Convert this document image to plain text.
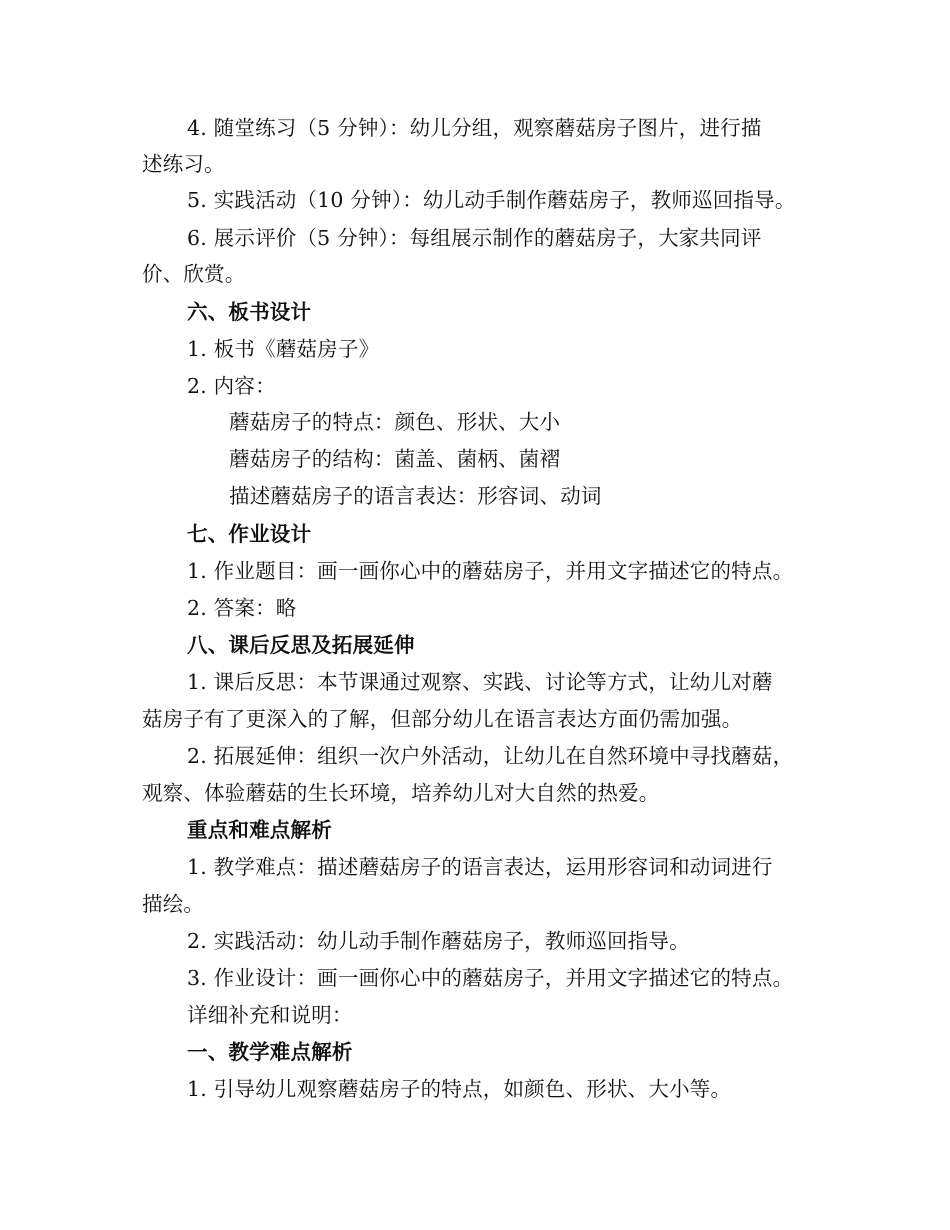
4. 随堂练习（5 分钟）：幼儿分组，观察蘑菇房子图片，进行描
述练习。
5. 实践活动（10 分钟）：幼儿动手制作蘑菇房子，教师巡回指导。
6. 展示评价（5 分钟）：每组展示制作的蘑菇房子，大家共同评
价、欣赏。
六、板书设计
1. 板书《蘑菇房子》
2. 内容：
蘑菇房子的特点：颜色、形状、大小
蘑菇房子的结构：菌盖、菌柄、菌褶
描述蘑菇房子的语言表达：形容词、动词
七、作业设计
1. 作业题目：画一画你心中的蘑菇房子，并用文字描述它的特点。
2. 答案：略
八、课后反思及拓展延伸
1. 课后反思：本节课通过观察、实践、讨论等方式，让幼儿对蘑
菇房子有了更深入的了解，但部分幼儿在语言表达方面仍需加强。
2. 拓展延伸：组织一次户外活动，让幼儿在自然环境中寻找蘑菇，
观察、体验蘑菇的生长环境，培养幼儿对大自然的热爱。
重点和难点解析
1. 教学难点：描述蘑菇房子的语言表达，运用形容词和动词进行
描绘。
2. 实践活动：幼儿动手制作蘑菇房子，教师巡回指导。
3. 作业设计：画一画你心中的蘑菇房子，并用文字描述它的特点。
详细补充和说明：
一、教学难点解析
1. 引导幼儿观察蘑菇房子的特点，如颜色、形状、大小等。
